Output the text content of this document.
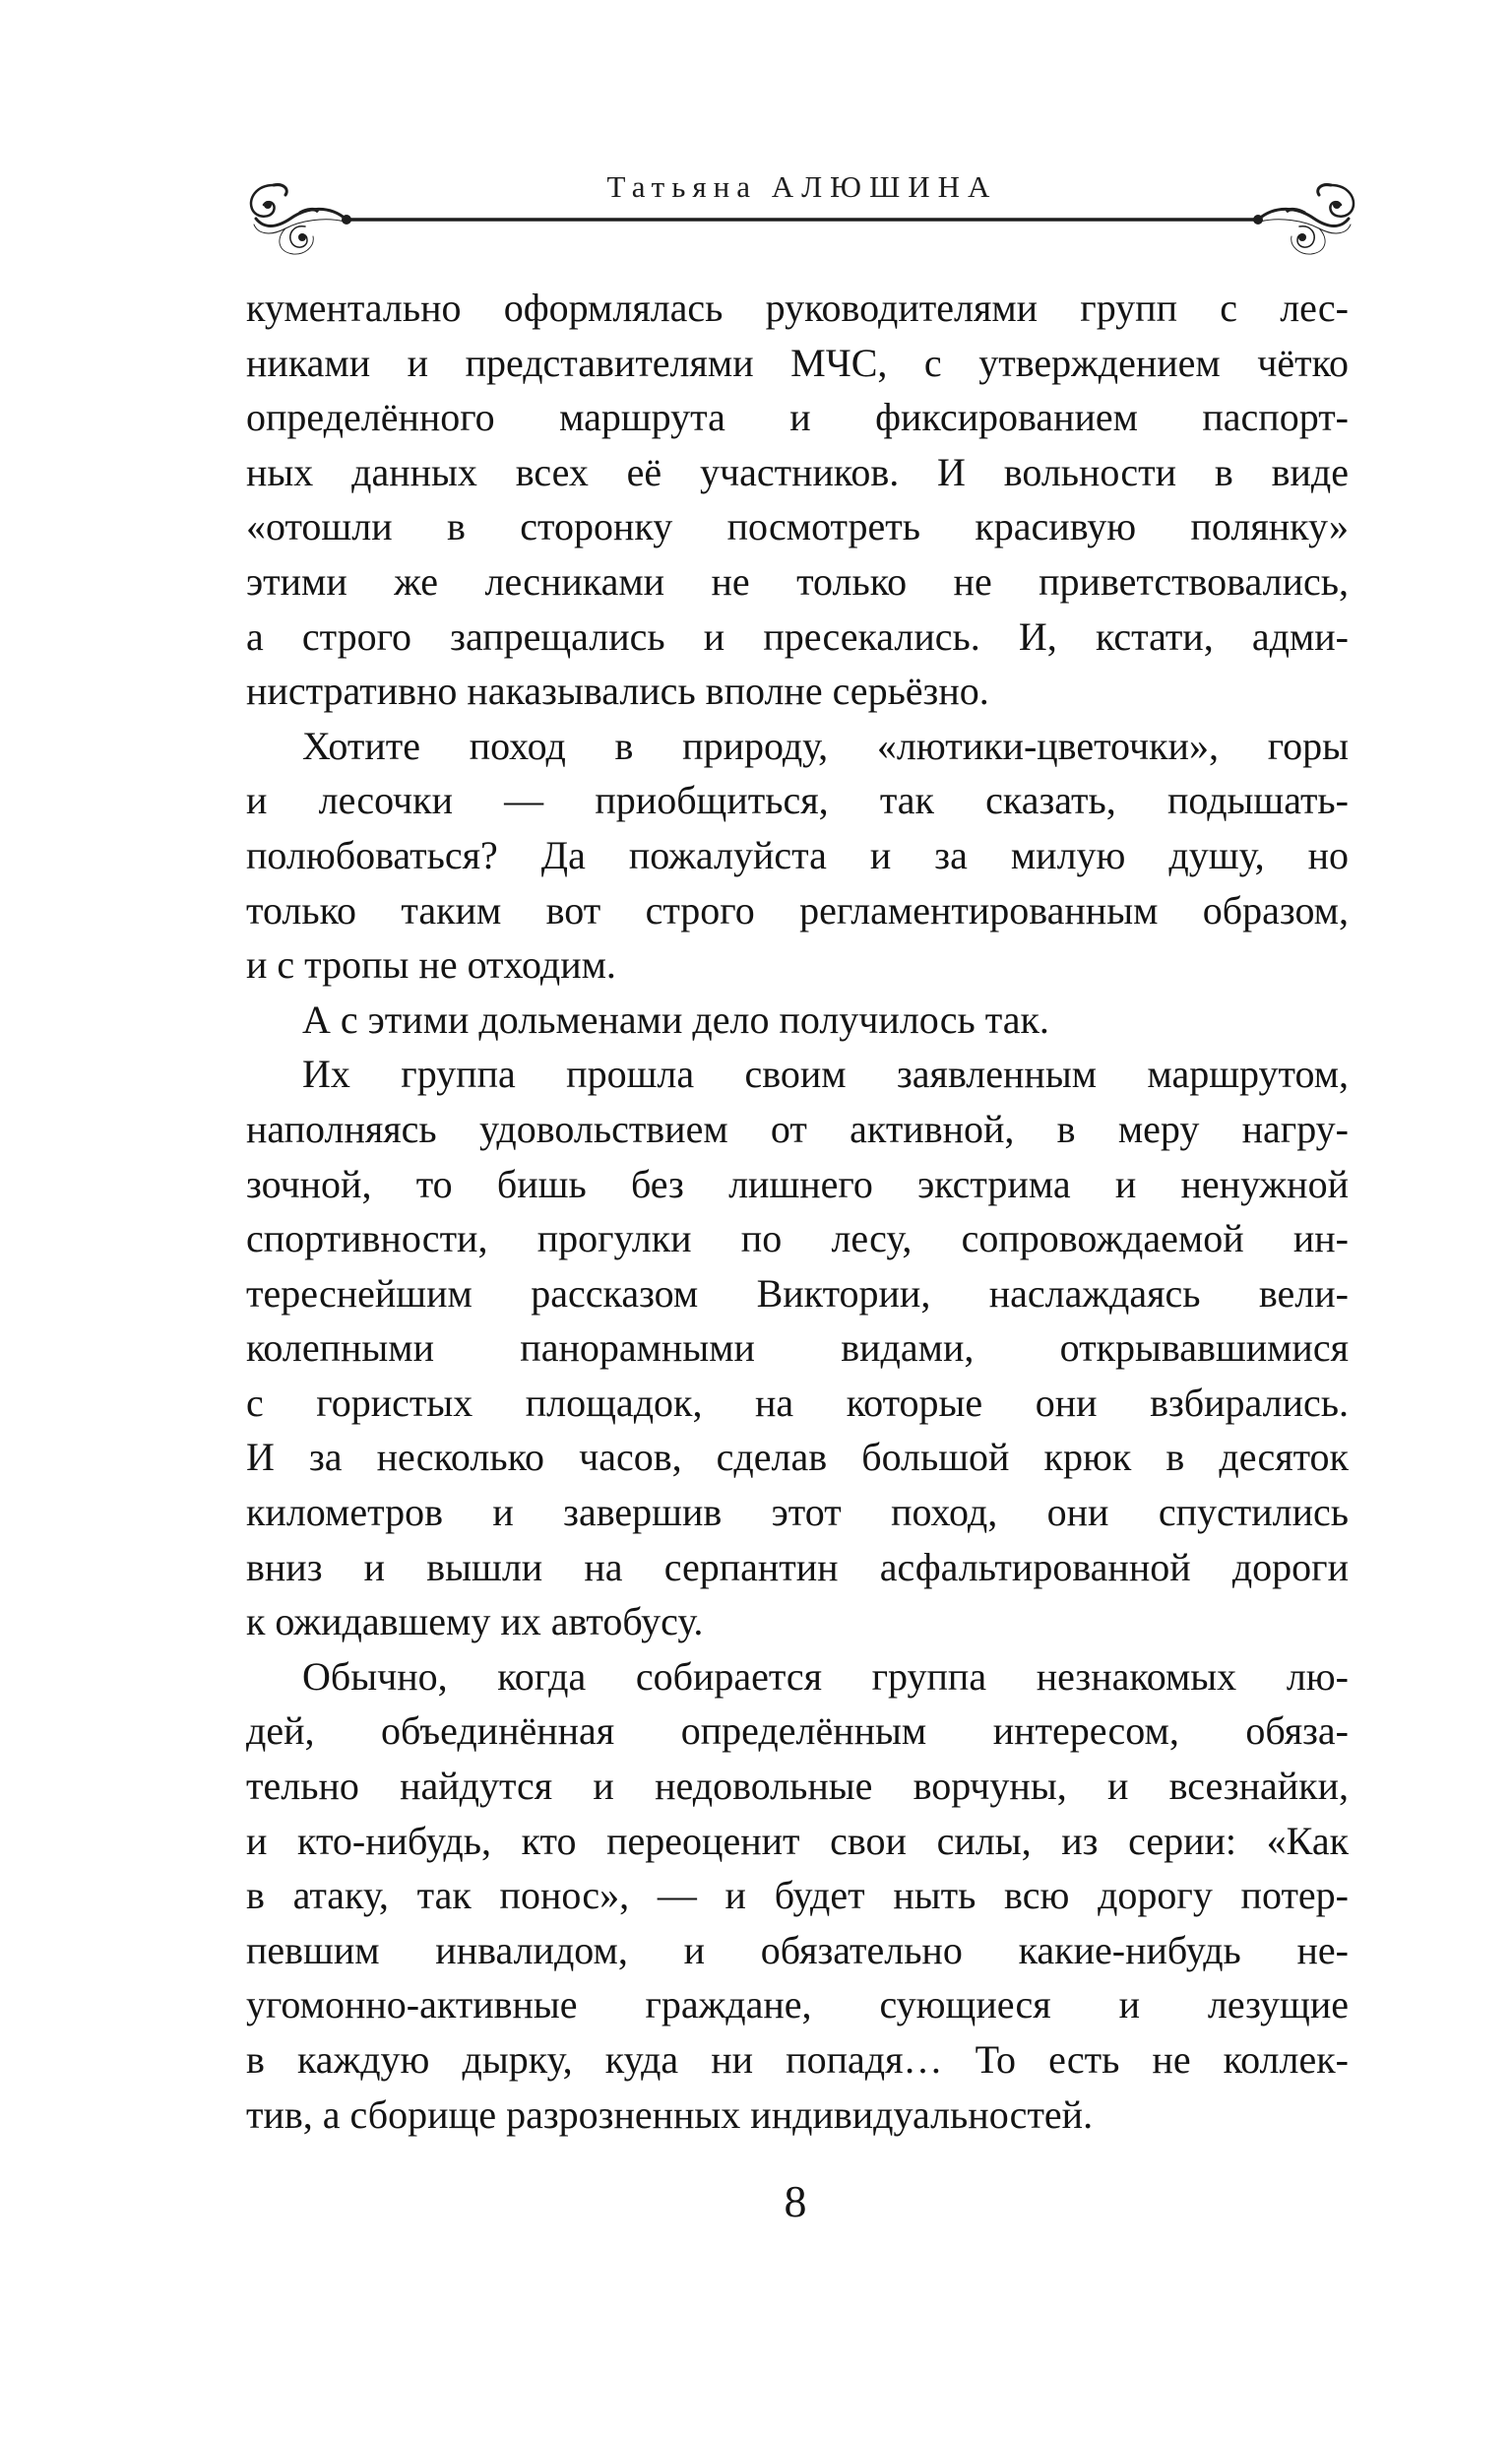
Татьяна АЛЮШИНА
кументально оформлялась руководителями групп с лес-
никами и представителями МЧС, с утверждением чётко
определённого маршрута и фиксированием паспорт-
ных данных всех её участников. И вольности в виде
«отошли в сторонку посмотреть красивую полянку»
этими же лесниками не только не приветствовались,
а строго запрещались и пресекались. И, кстати, адми-
нистративно наказывались вполне серьёзно.
Хотите поход в природу, «лютики-цветочки», горы
и лесочки — приобщиться, так сказать, подышать-
полюбоваться? Да пожалуйста и за милую душу, но
только таким вот строго регламентированным образом,
и с тропы не отходим.
А с этими дольменами дело получилось так.
Их группа прошла своим заявленным маршрутом,
наполняясь удовольствием от активной, в меру нагру-
зочной, то бишь без лишнего экстрима и ненужной
спортивности, прогулки по лесу, сопровождаемой ин-
тереснейшим рассказом Виктории, наслаждаясь вели-
колепными панорамными видами, открывавшимися
с гористых площадок, на которые они взбирались.
И за несколько часов, сделав большой крюк в десяток
километров и завершив этот поход, они спустились
вниз и вышли на серпантин асфальтированной дороги
к ожидавшему их автобусу.
Обычно, когда собирается группа незнакомых лю-
дей, объединённая определённым интересом, обяза-
тельно найдутся и недовольные ворчуны, и всезнайки,
и кто-нибудь, кто переоценит свои силы, из серии: «Как
в атаку, так понос», — и будет ныть всю дорогу потер-
певшим инвалидом, и обязательно какие-нибудь не-
угомонно-активные граждане, сующиеся и лезущие
в каждую дырку, куда ни попадя… То есть не коллек-
тив, а сборище разрозненных индивидуальностей.
8
